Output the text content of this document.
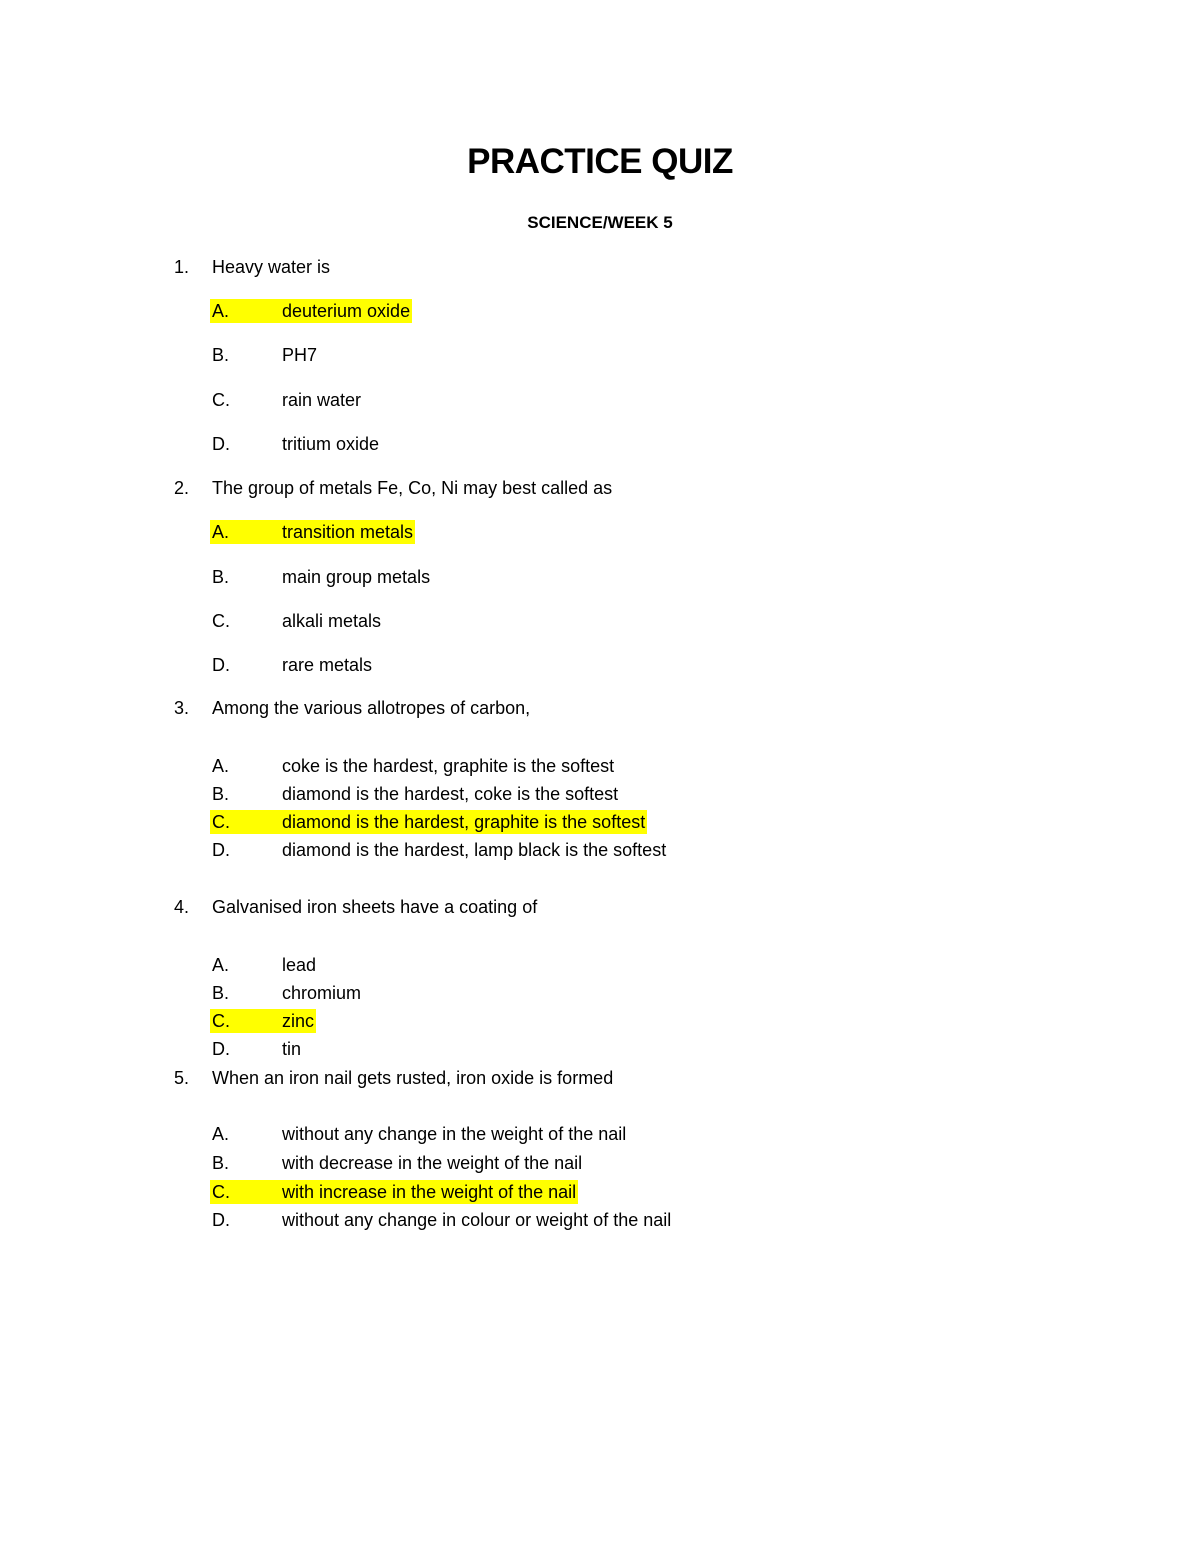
PRACTICE QUIZ
SCIENCE/WEEK 5
1. Heavy water is
A.	deuterium oxide
B.	PH7
C.	rain water
D.	tritium oxide
2. The group of metals Fe, Co, Ni may best called as
A.	transition metals
B.	main group metals
C.	alkali metals
D.	rare metals
3. Among the various allotropes of carbon,
A.	coke is the hardest, graphite is the softest
B.	diamond is the hardest, coke is the softest
C.	diamond is the hardest, graphite is the softest
D.	diamond is the hardest, lamp black is the softest
4. Galvanised iron sheets have a coating of
A.	lead
B.	chromium
C.	zinc
D.	tin
5. When an iron nail gets rusted, iron oxide is formed
A.	without any change in the weight of the nail
B.	with decrease in the weight of the nail
C.	with increase in the weight of the nail
D.	without any change in colour or weight of the nail
